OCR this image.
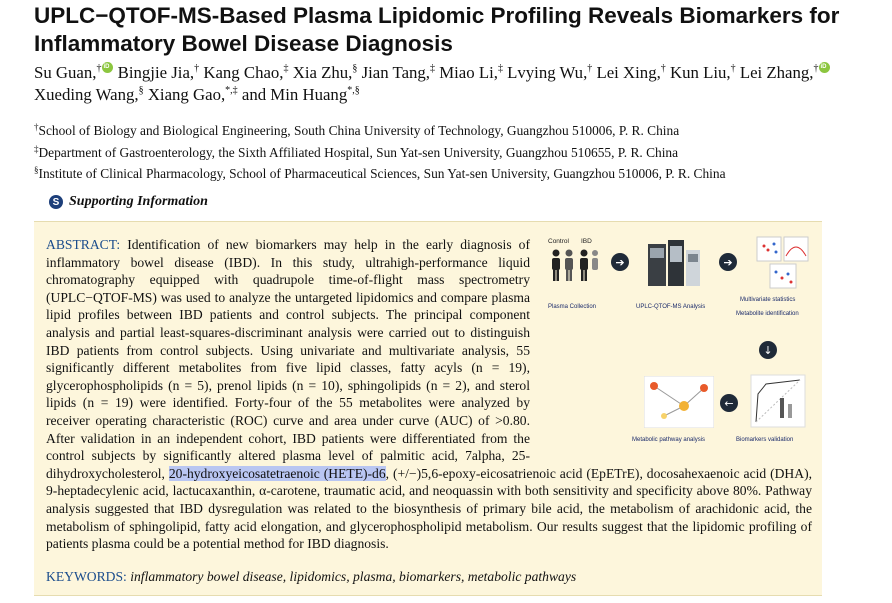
UPLC−QTOF-MS-Based Plasma Lipidomic Profiling Reveals Biomarkers for Inflammatory Bowel Disease Diagnosis
Su Guan,†iD Bingjie Jia,† Kang Chao,‡ Xia Zhu,§ Jian Tang,‡ Miao Li,‡ Lvying Wu,† Lei Xing,† Kun Liu,† Lei Zhang,†iD Xueding Wang,§ Xiang Gao,*,‡ and Min Huang*,§
†School of Biology and Biological Engineering, South China University of Technology, Guangzhou 510006, P. R. China
‡Department of Gastroenterology, the Sixth Affiliated Hospital, Sun Yat-sen University, Guangzhou 510655, P. R. China
§Institute of Clinical Pharmacology, School of Pharmaceutical Sciences, Sun Yat-sen University, Guangzhou 510006, P. R. China
S Supporting Information
ABSTRACT: Identification of new biomarkers may help in the early diagnosis of inflammatory bowel disease (IBD). In this study, ultrahigh-performance liquid chromatography equipped with quadrupole time-of-flight mass spectrometry (UPLC−QTOF-MS) was used to analyze the untargeted lipidomics and compare plasma lipid profiles between IBD patients and control subjects. The principal component analysis and partial least-squares-discriminant analysis were carried out to distinguish IBD patients from control subjects. Using univariate and multivariate analysis, 55 significantly different metabolites from five lipid classes, fatty acyls (n = 19), glycerophospholipids (n = 5), prenol lipids (n = 10), sphingolipids (n = 2), and sterol lipids (n = 19) were identified. Forty-four of the 55 metabolites were analyzed by receiver operating characteristic (ROC) curve and area under curve (AUC) of >0.80. After validation in an independent cohort, IBD patients were differentiated from the control subjects by significantly altered plasma level of palmitic acid, 7alpha, 25-dihydroxycholesterol, 20-hydroxyeicosatetraenoic (HETE)-d6, (+/−)5,6-epoxy-eicosatrienoic acid (EpETrE), docosahexaenoic acid (DHA), 9-heptadecylenic acid, lactucaxanthin, α-carotene, traumatic acid, and neoquassin with both sensitivity and specificity above 80%. Pathway analysis suggested that IBD dysregulation was related to the biosynthesis of primary bile acid, the metabolism of arachidonic acid, the metabolism of sphingolipid, fatty acid elongation, and glycerophospholipid metabolism. Our results suggest that the lipidomic profiling of patients plasma could be a potential method for IBD diagnosis.
Control IBD
➔	➔
Plasma Collection	UPLC-QTOF-MS Analysis
Multivariate statistics
Metabolite identification
↓
←
Metabolic pathway analysis	Biomarkers validation
KEYWORDS: inflammatory bowel disease, lipidomics, plasma, biomarkers, metabolic pathways
